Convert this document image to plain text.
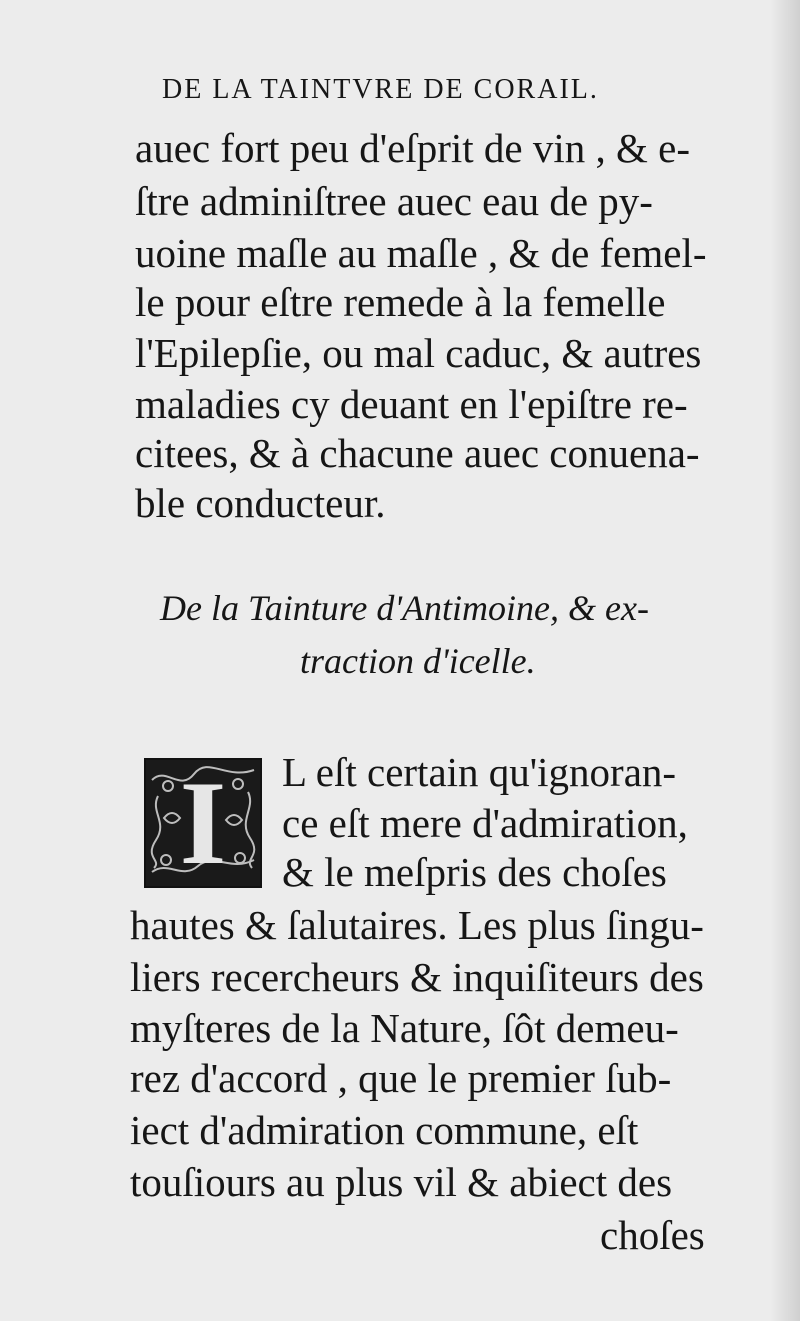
DE LA TAINTVRE DE CORAIL.
auec fort peu d'eſprit de vin , & e-
ſtre adminiſtree auec eau de py-
uoine maſle au maſle , & de femel-
le pour eſtre remede à la femelle
l'Epilepſie, ou mal caduc, & autres
maladies cy deuant en l'epiſtre re-
citees, & à chacune auec conuena-
ble conducteur.
De la Tainture d'Antimoine, & ex-
traction d'icelle.
I	L eſt certain qu'ignoran-
ce eſt mere d'admiration,
& le meſpris des choſes
hautes & ſalutaires. Les plus ſingu-
liers recercheurs & inquiſiteurs des
myſteres de la Nature, ſôt demeu-
rez d'accord , que le premier ſub-
iect d'admiration commune, eſt
touſiours au plus vil & abiect des
choſes
